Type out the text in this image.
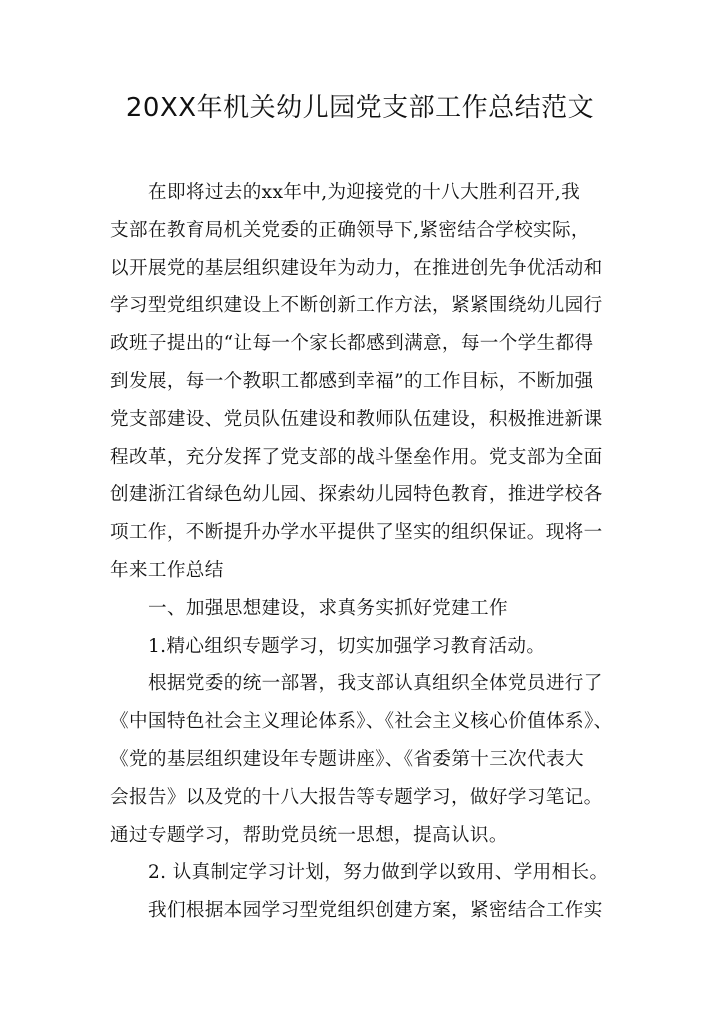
20XX年机关幼儿园党支部工作总结范文
在即将过去的xx年中,为迎接党的十八大胜利召开,我
支部在教育局机关党委的正确领导下,紧密结合学校实际，
以开展党的基层组织建设年为动力，在推进创先争优活动和
学习型党组织建设上不断创新工作方法，紧紧围绕幼儿园行
政班子提出的“让每一个家长都感到满意，每一个学生都得
到发展，每一个教职工都感到幸福”的工作目标，不断加强
党支部建设、党员队伍建设和教师队伍建设，积极推进新课
程改革，充分发挥了党支部的战斗堡垒作用。党支部为全面
创建浙江省绿色幼儿园、探索幼儿园特色教育，推进学校各
项工作，不断提升办学水平提供了坚实的组织保证。现将一
年来工作总结
一、加强思想建设，求真务实抓好党建工作
1.精心组织专题学习，切实加强学习教育活动。
根据党委的统一部署，我支部认真组织全体党员进行了
《中国特色社会主义理论体系》、《社会主义核心价值体系》、
《党的基层组织建设年专题讲座》、《省委第十三次代表大
会报告》以及党的十八大报告等专题学习，做好学习笔记。
通过专题学习，帮助党员统一思想，提高认识。
2. 认真制定学习计划，努力做到学以致用、学用相长。
我们根据本园学习型党组织创建方案，紧密结合工作实
